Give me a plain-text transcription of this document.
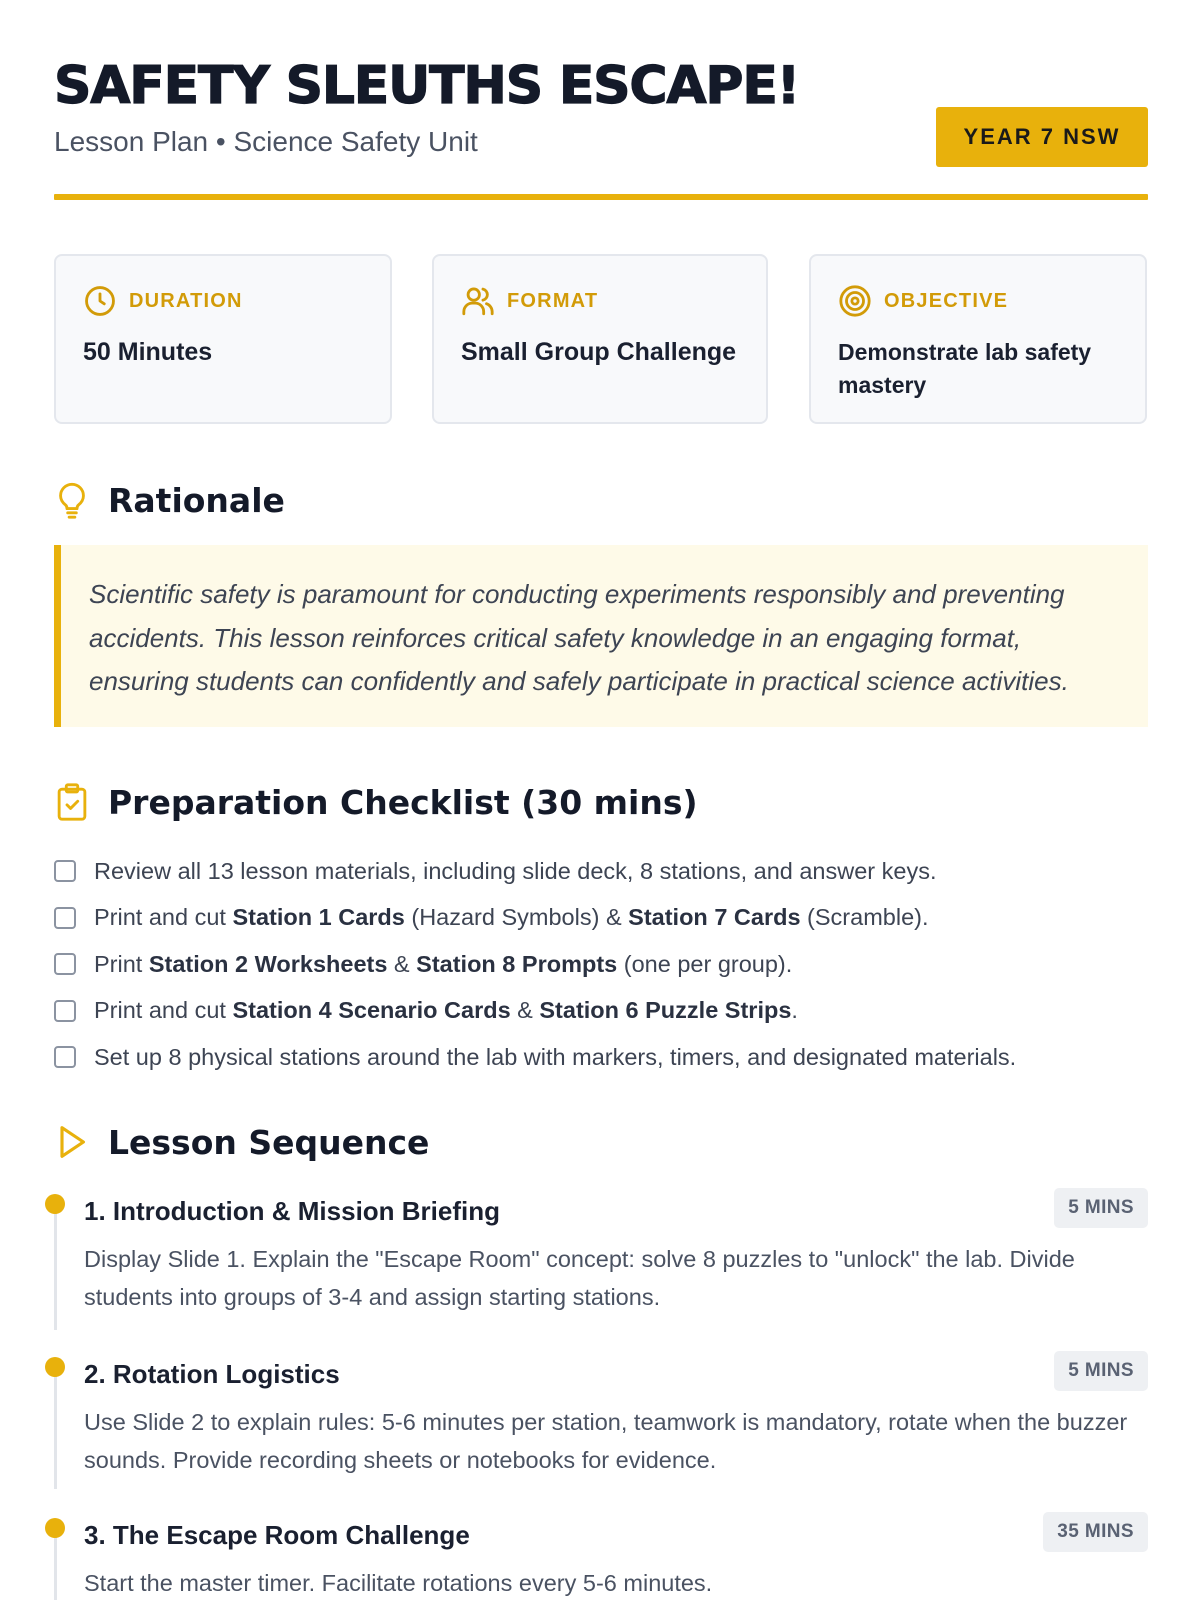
SAFETY SLEUTHS ESCAPE!
Lesson Plan • Science Safety Unit	YEAR 7 NSW
DURATION
50 Minutes
FORMAT
Small Group Challenge
OBJECTIVE
Demonstrate lab safety mastery
Rationale

Scientific safety is paramount for conducting experiments responsibly and preventing accidents. This lesson reinforces critical safety knowledge in an engaging format, ensuring students can confidently and safely participate in practical science activities.

Preparation Checklist (30 mins)
Review all 13 lesson materials, including slide deck, 8 stations, and answer keys.
Print and cut Station 1 Cards (Hazard Symbols) & Station 7 Cards (Scramble).
Print Station 2 Worksheets & Station 8 Prompts (one per group).
Print and cut Station 4 Scenario Cards & Station 6 Puzzle Strips.
Set up 8 physical stations around the lab with markers, timers, and designated materials.
Lesson Sequence
1. Introduction & Mission Briefing	5 MINS
Display Slide 1. Explain the "Escape Room" concept: solve 8 puzzles to "unlock" the lab. Divide students into groups of 3-4 and assign starting stations.
2. Rotation Logistics	5 MINS
Use Slide 2 to explain rules: 5-6 minutes per station, teamwork is mandatory, rotate when the buzzer sounds. Provide recording sheets or notebooks for evidence.
3. The Escape Room Challenge	35 MINS
Start the master timer. Facilitate rotations every 5-6 minutes.
